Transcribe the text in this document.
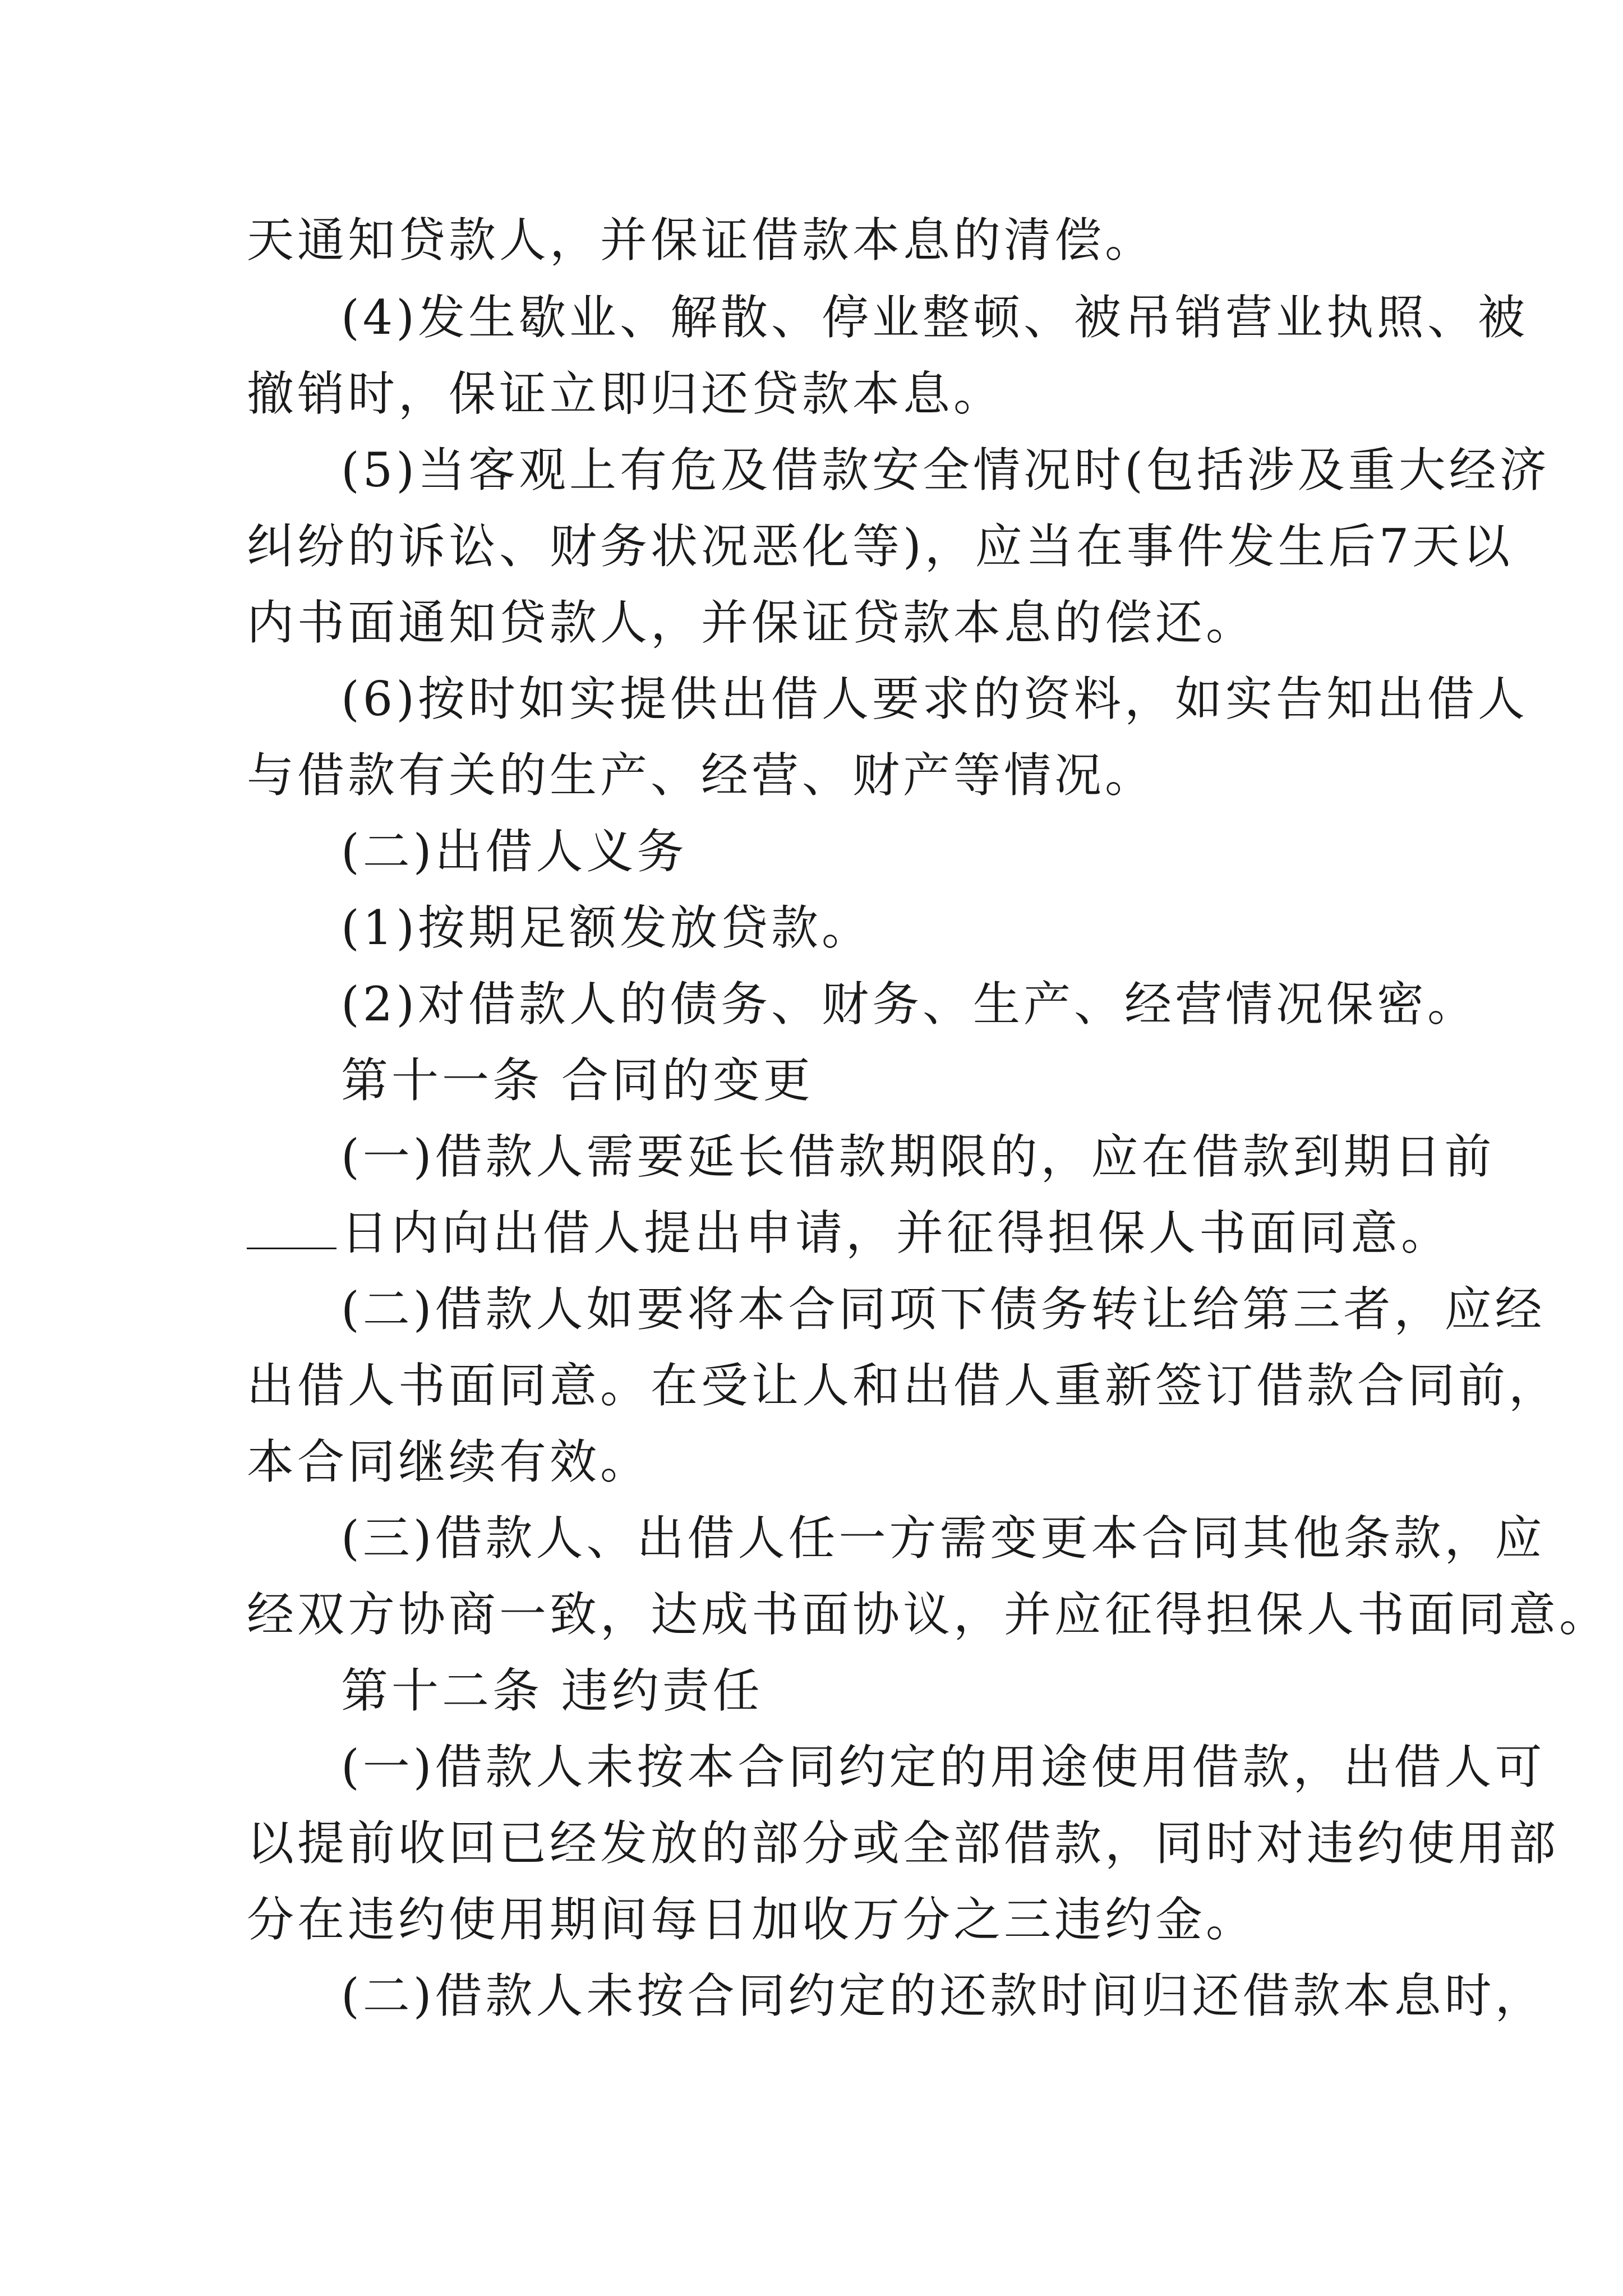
天通知贷款人，并保证借款本息的清偿。
(4)发生歇业、解散、停业整顿、被吊销营业执照、被
撤销时，保证立即归还贷款本息。
(5)当客观上有危及借款安全情况时(包括涉及重大经济
纠纷的诉讼、财务状况恶化等)，应当在事件发生后7天以
内书面通知贷款人，并保证贷款本息的偿还。
(6)按时如实提供出借人要求的资料，如实告知出借人
与借款有关的生产、经营、财产等情况。
(二)出借人义务
(1)按期足额发放贷款。
(2)对借款人的债务、财务、生产、经营情况保密。
第十一条 合同的变更
(一)借款人需要延长借款期限的，应在借款到期日前
日内向出借人提出申请，并征得担保人书面同意。
(二)借款人如要将本合同项下债务转让给第三者，应经
出借人书面同意。在受让人和出借人重新签订借款合同前，
本合同继续有效。
(三)借款人、出借人任一方需变更本合同其他条款，应
经双方协商一致，达成书面协议，并应征得担保人书面同意。
第十二条 违约责任
(一)借款人未按本合同约定的用途使用借款，出借人可
以提前收回已经发放的部分或全部借款，同时对违约使用部
分在违约使用期间每日加收万分之三违约金。
(二)借款人未按合同约定的还款时间归还借款本息时，
